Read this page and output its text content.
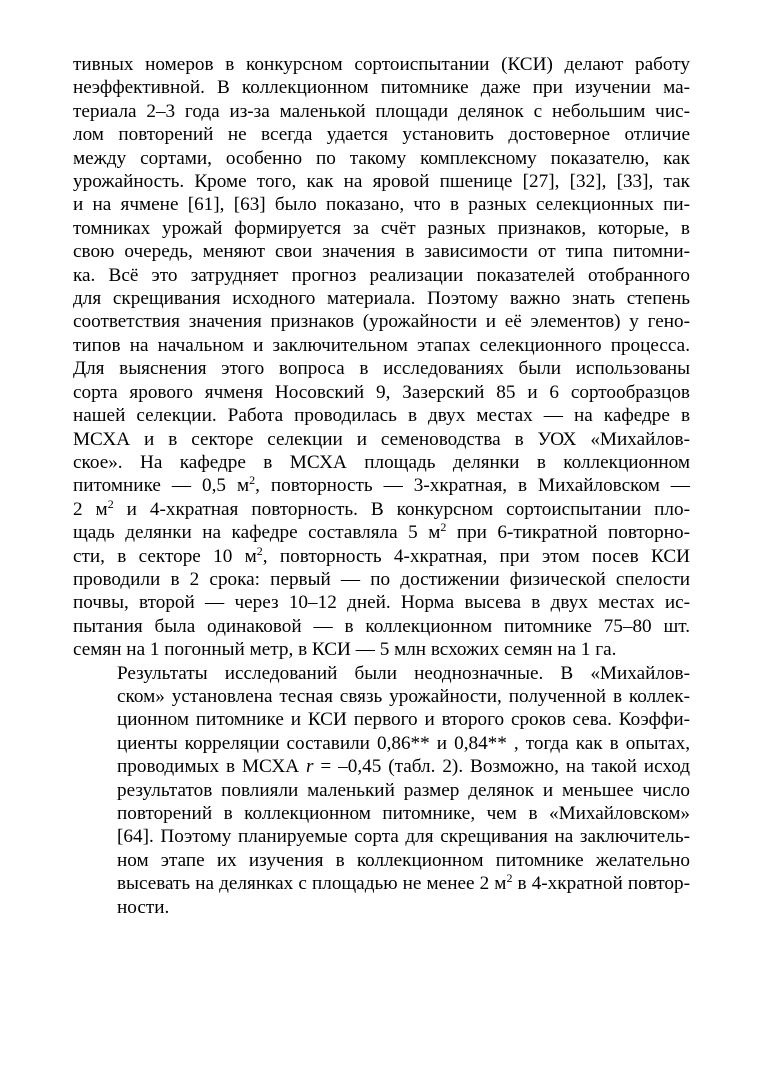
тивных номеров в конкурсном сортоиспытании (КСИ) делают работу
неэффективной. В коллекционном питомнике даже при изучении ма-
териала 2–3 года из-за маленькой площади делянок с небольшим чис-
лом повторений не всегда удается установить достоверное отличие
между сортами, особенно по такому комплексному показателю, как
урожайность. Кроме того, как на яровой пшенице [27], [32], [33], так
и на ячмене [61], [63] было показано, что в разных селекционных пи-
томниках урожай формируется за счёт разных признаков, которые, в
свою очередь, меняют свои значения в зависимости от типа питомни-
ка. Всё это затрудняет прогноз реализации показателей отобранного
для скрещивания исходного материала. Поэтому важно знать степень
соответствия значения признаков (урожайности и её элементов) у гено-
типов на начальном и заключительном этапах селекционного процесса.
Для выяснения этого вопроса в исследованиях были использованы
сорта ярового ячменя Носовский 9, Зазерский 85 и 6 сортообразцов
нашей селекции. Работа проводилась в двух местах — на кафедре в
МСХА и в секторе селекции и семеноводства в УОХ «Михайлов-
ское». На кафедре в МСХА площадь делянки в коллекционном
питомнике — 0,5 $м^2$, повторность — 3-хкратная, в Михайловском —
2 $м^2$ и 4-хкратная повторность. В конкурсном сортоиспытании пло-
щадь делянки на кафедре составляла 5 $м^2$ при 6-тикратной повторно-
сти, в секторе 10 $м^2$, повторность 4-хкратная, при этом посев КСИ
проводили в 2 срока: первый — по достижении физической спелости
почвы, второй — через 10–12 дней. Норма высева в двух местах ис-
пытания была одинаковой — в коллекционном питомнике 75–80 шт.
семян на 1 погонный метр, в КСИ — 5 млн всхожих семян на 1 га.
Результаты исследований были неоднозначные. В «Михайлов-
ском» установлена тесная связь урожайности, полученной в коллек-
ционном питомнике и КСИ первого и второго сроков сева. Коэффи-
циенты корреляции составили 0,86** и 0,84** , тогда как в опытах,
проводимых в МСХА r = –0,45 (табл. 2). Возможно, на такой исход
результатов повлияли маленький размер делянок и меньшее число
повторений в коллекционном питомнике, чем в «Михайловском»
[64]. Поэтому планируемые сорта для скрещивания на заключитель-
ном этапе их изучения в коллекционном питомнике желательно
высевать на делянках с площадью не менее 2 $м^2$ в 4-хкратной повтор-
ности.
